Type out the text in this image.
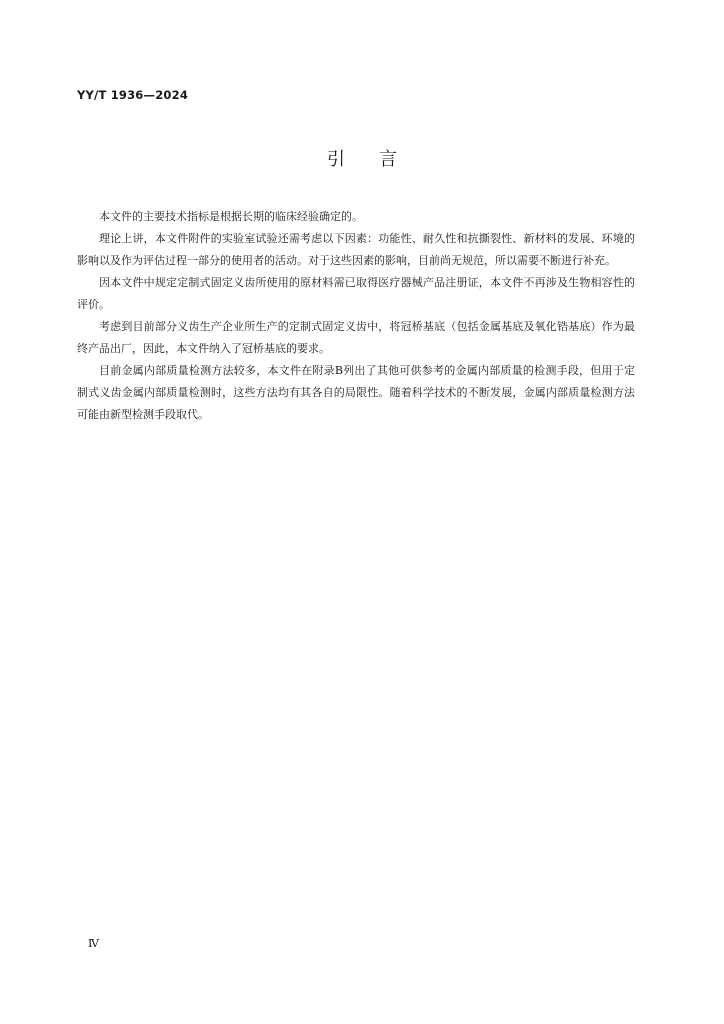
YY/T 1936—2024
引言

本文件的主要技术指标是根据长期的临床经验确定的。

理论上讲，本文件附件的实验室试验还需考虑以下因素：功能性、耐久性和抗撕裂性、新材料的发展、环境的影响以及作为评估过程一部分的使用者的活动。对于这些因素的影响，目前尚无规范，所以需要不断进行补充。

因本文件中规定定制式固定义齿所使用的原材料需已取得医疗器械产品注册证，本文件不再涉及生物相容性的评价。

考虑到目前部分义齿生产企业所生产的定制式固定义齿中，将冠桥基底（包括金属基底及氧化锆基底）作为最终产品出厂，因此，本文件纳入了冠桥基底的要求。

目前金属内部质量检测方法较多，本文件在附录B列出了其他可供参考的金属内部质量的检测手段，但用于定制式义齿金属内部质量检测时，这些方法均有其各自的局限性。随着科学技术的不断发展，金属内部质量检测方法可能由新型检测手段取代。

Ⅳ
